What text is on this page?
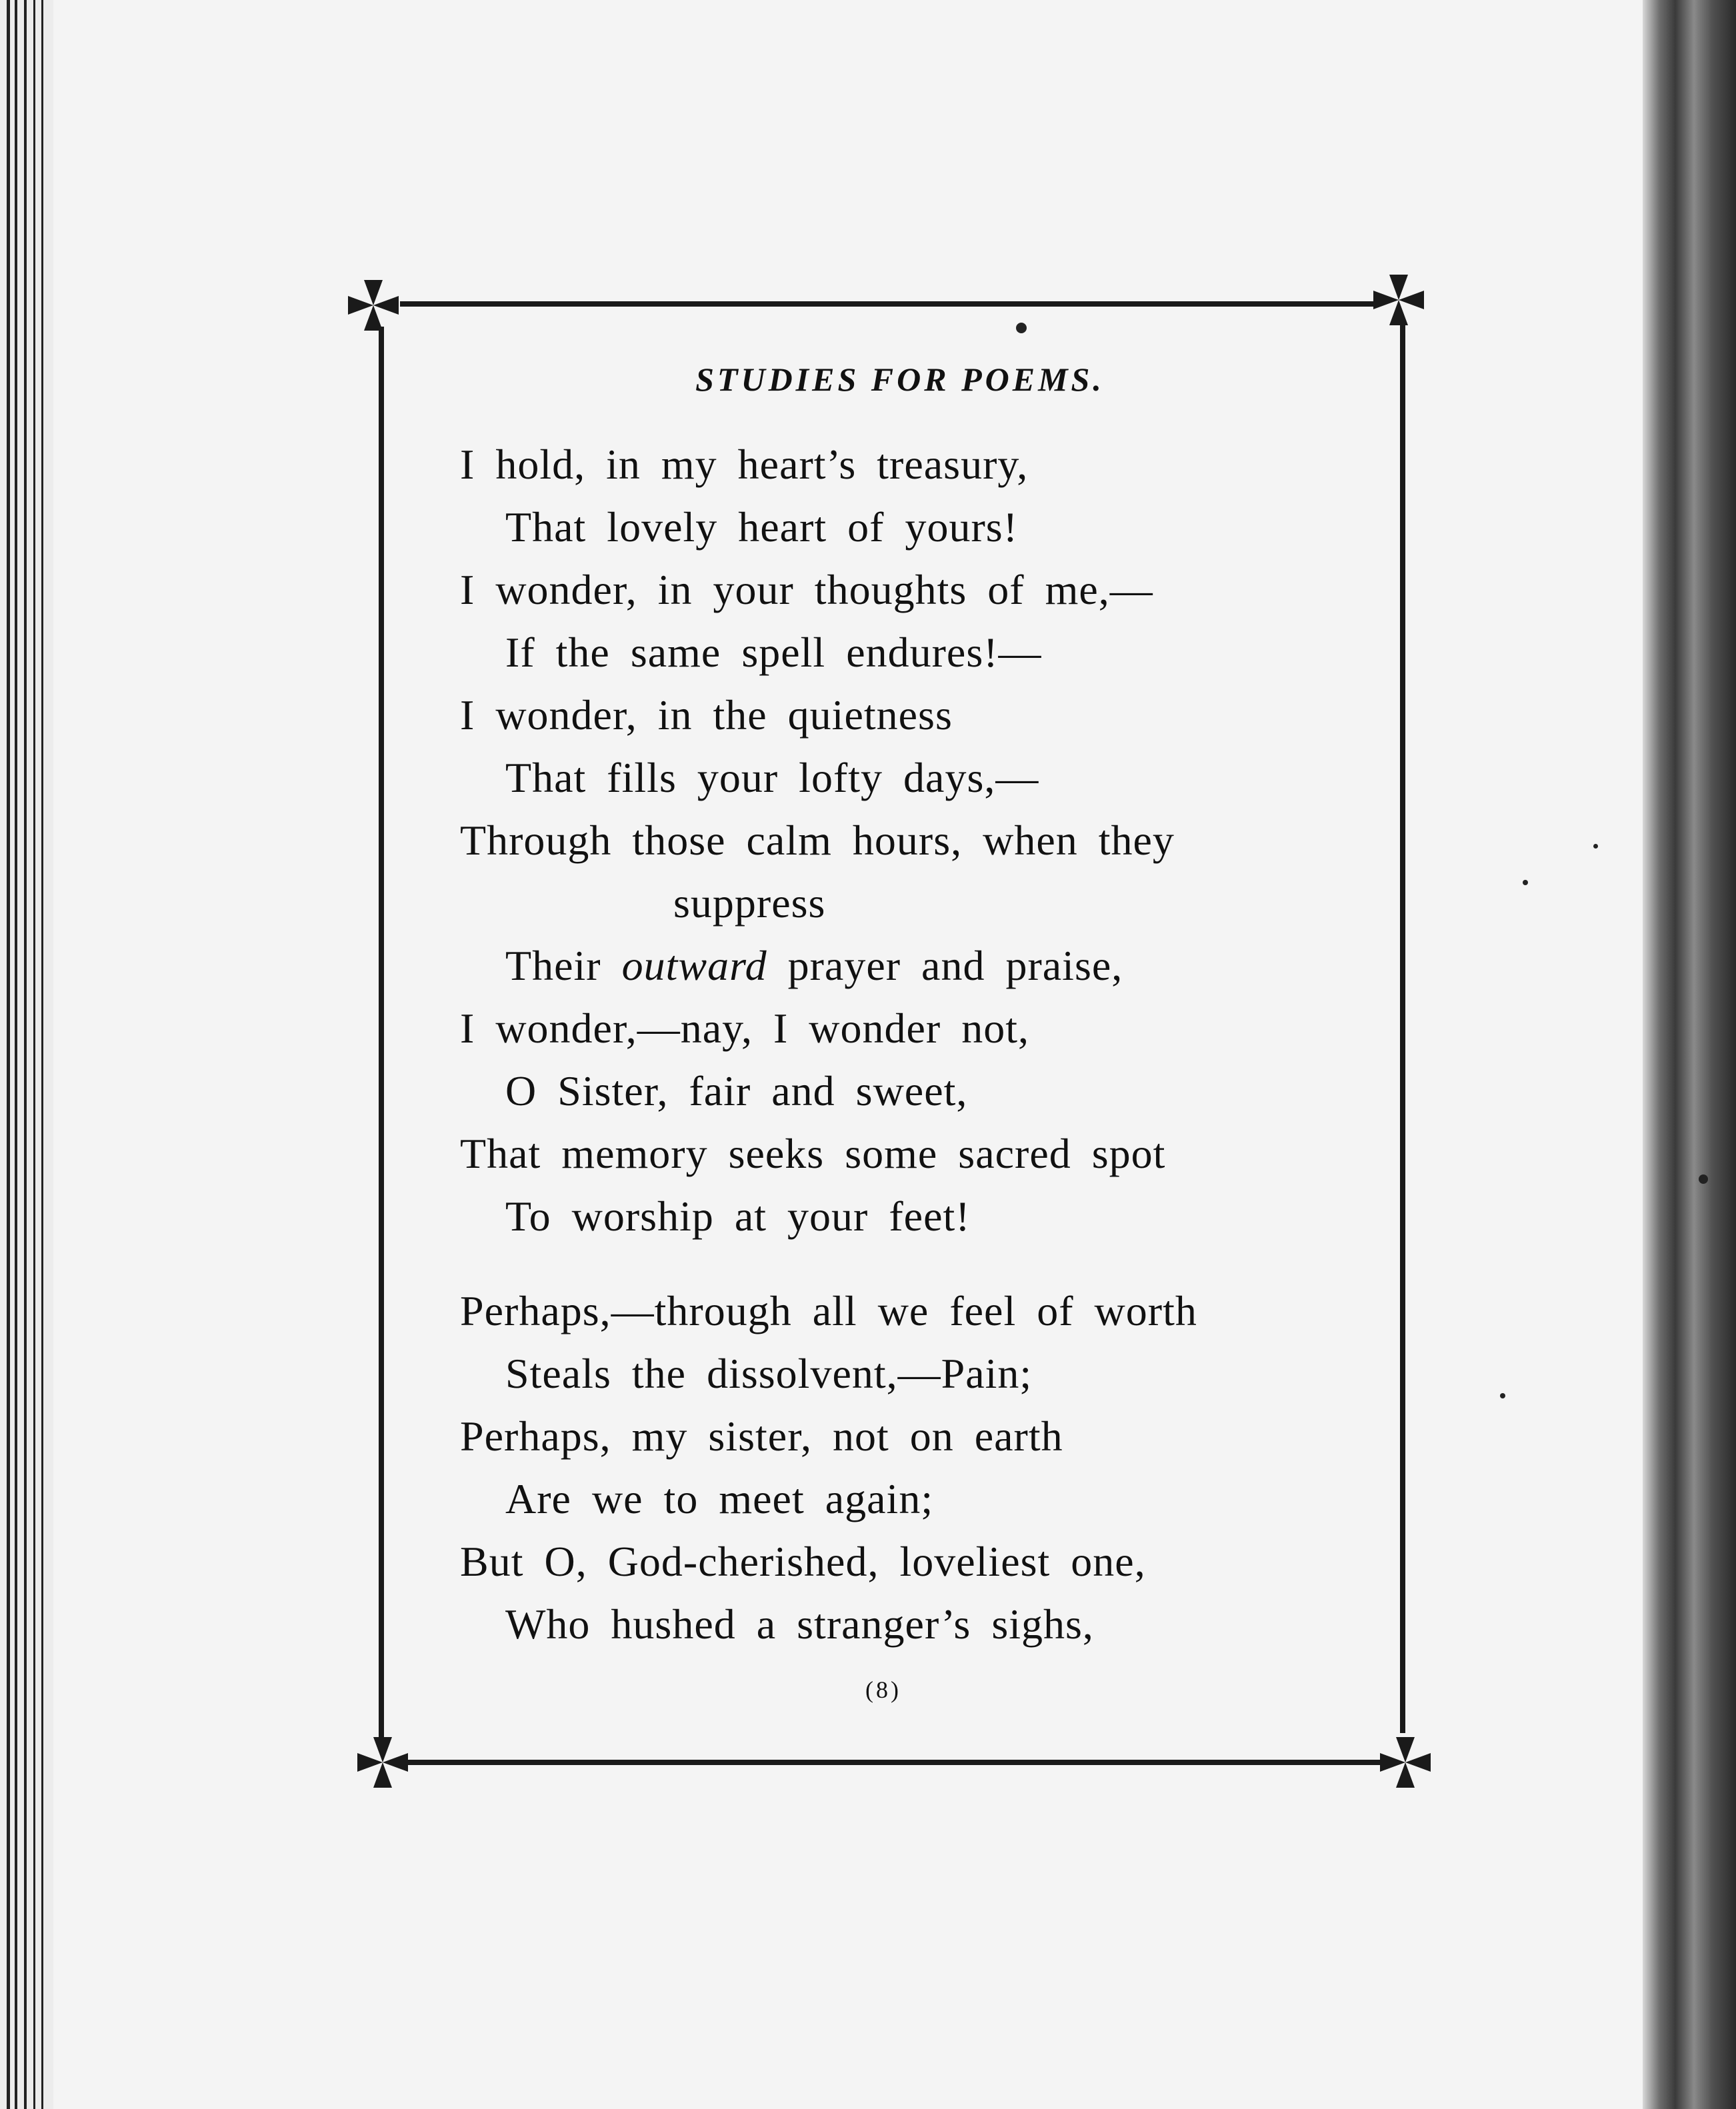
STUDIES FOR POEMS.
I hold, in my heart’s treasury,
That lovely heart of yours!
I wonder, in your thoughts of me,—
If the same spell endures!—
I wonder, in the quietness
That fills your lofty days,—
Through those calm hours, when they
suppress
Their outward prayer and praise,
I wonder,—nay, I wonder not,
O Sister, fair and sweet,
That memory seeks some sacred spot
To worship at your feet!
Perhaps,—through all we feel of worth
Steals the dissolvent,—Pain;
Perhaps, my sister, not on earth
Are we to meet again;
But O, God-cherished, loveliest one,
Who hushed a stranger’s sighs,
(8)
